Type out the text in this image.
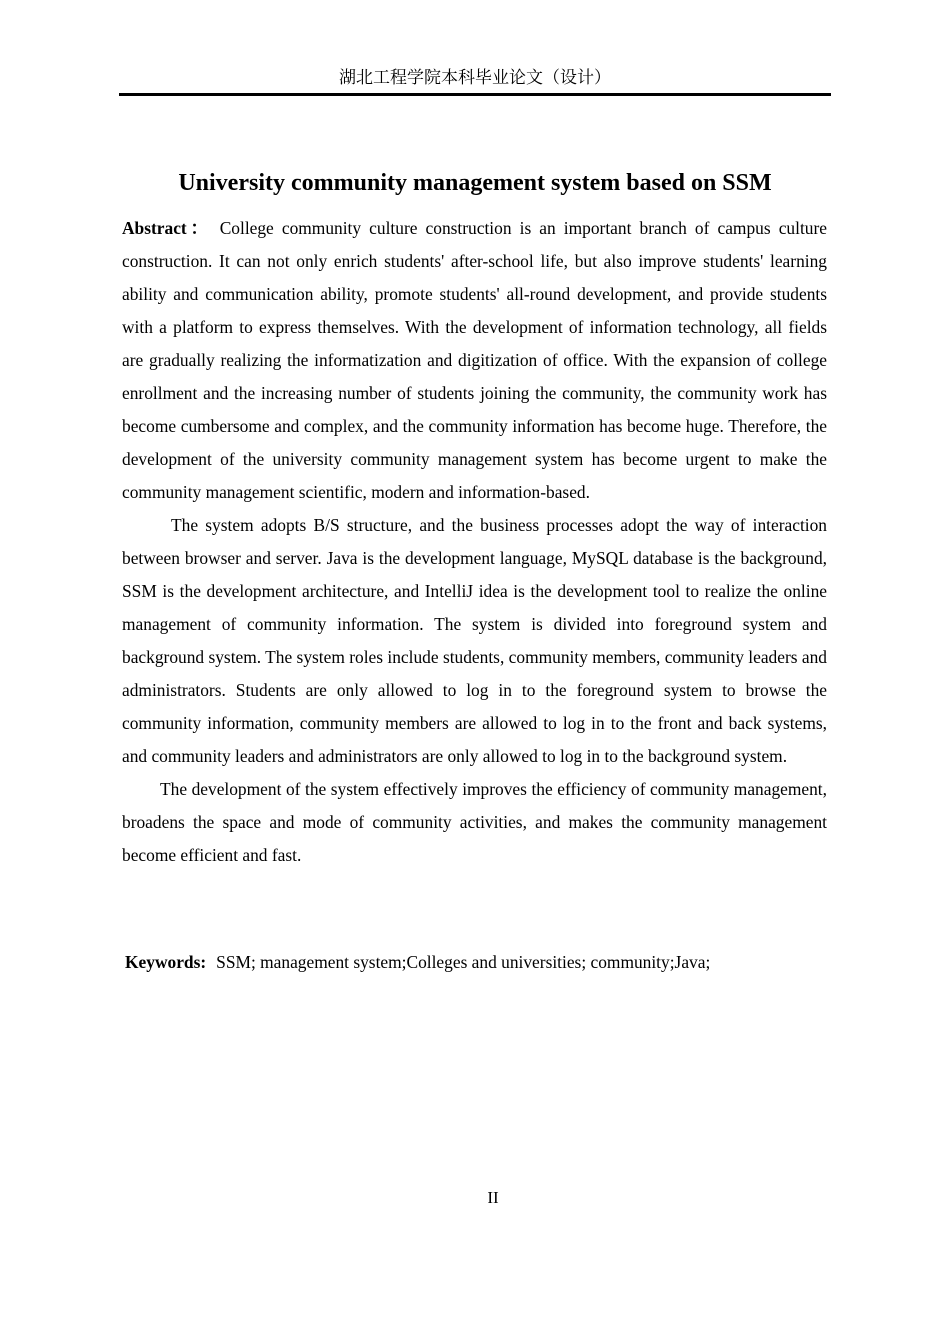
湖北工程学院本科毕业论文（设计）
University community management system based on SSM

Abstract： College community culture construction is an important branch of campus culture construction. It can not only enrich students' after-school life, but also improve students' learning ability and communication ability, promote students' all-round development, and provide students with a platform to express themselves. With the development of information technology, all fields are gradually realizing the informatization and digitization of office. With the expansion of college enrollment and the increasing number of students joining the community, the community work has become cumbersome and complex, and the community information has become huge. Therefore, the development of the university community management system has become urgent to make the community management scientific, modern and information-based.

The system adopts B/S structure, and the business processes adopt the way of interaction between browser and server. Java is the development language, MySQL database is the background, SSM is the development architecture, and IntelliJ idea is the development tool to realize the online management of community information. The system is divided into foreground system and background system. The system roles include students, community members, community leaders and administrators. Students are only allowed to log in to the foreground system to browse the community information, community members are allowed to log in to the front and back systems, and community leaders and administrators are only allowed to log in to the background system.

The development of the system effectively improves the efficiency of community management, broadens the space and mode of community activities, and makes the community management become efficient and fast.

Keywords: SSM; management system;Colleges and universities; community;Java;
II
